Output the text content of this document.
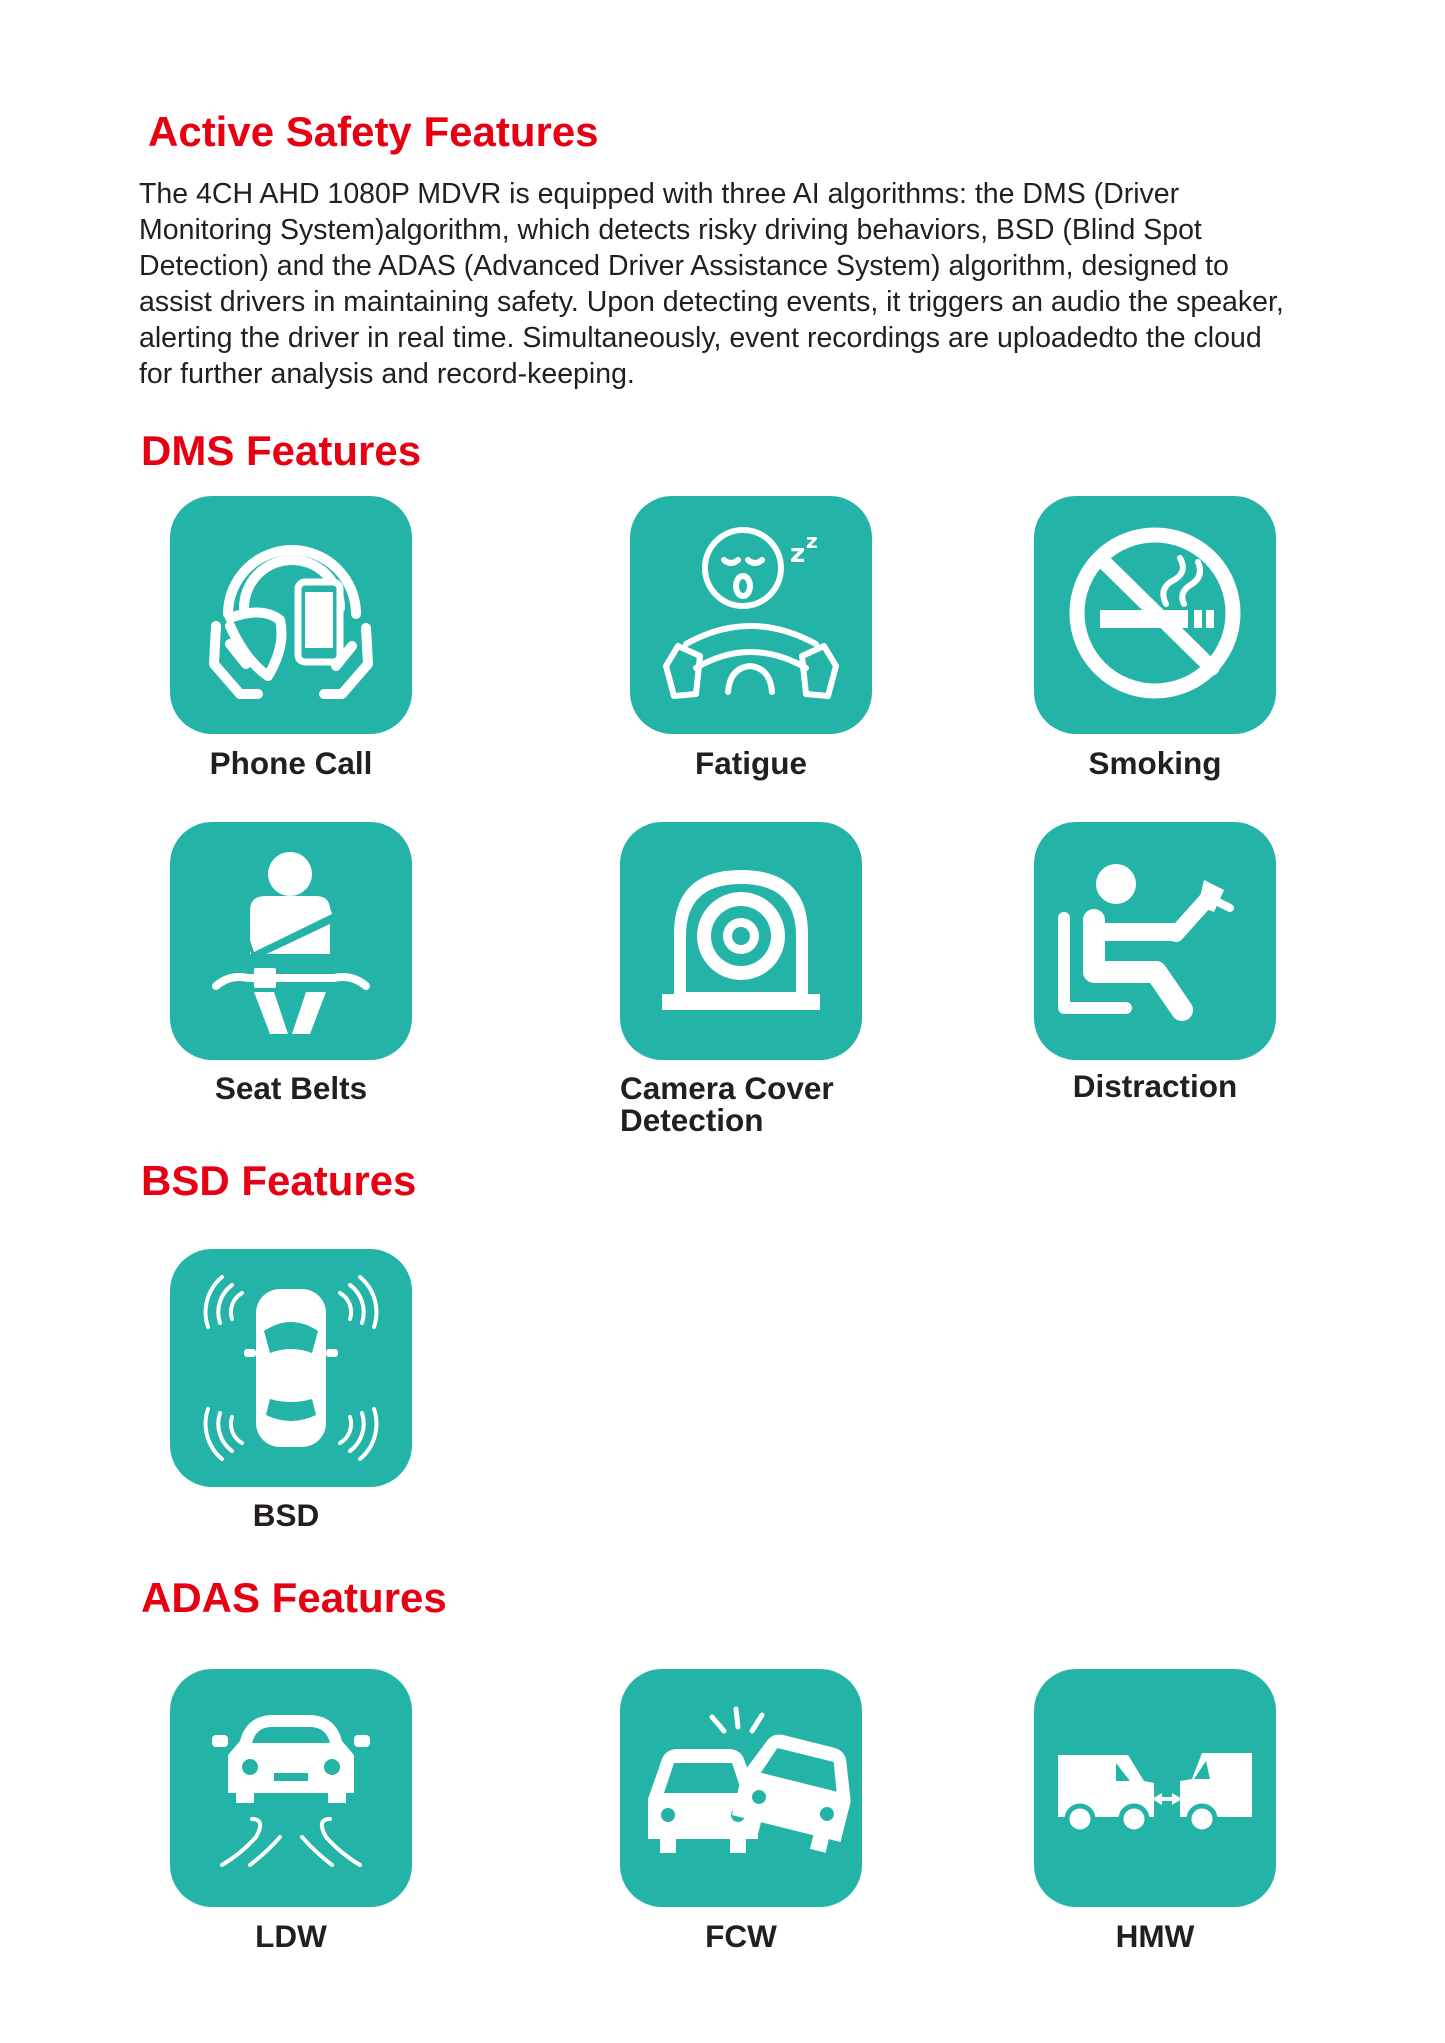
Active Safety Features
The 4CH AHD 1080P MDVR is equipped with three AI algorithms: the DMS (Driver
Monitoring System)algorithm, which detects risky driving behaviors, BSD (Blind Spot
Detection) and the ADAS (Advanced Driver Assistance System) algorithm, designed to
assist drivers in maintaining safety. Upon detecting events, it triggers an audio the speaker,
alerting the driver in real time. Simultaneously, event recordings are uploadedto the cloud
for further analysis and record-keeping.
DMS Features

Phone Call

z z

Fatigue	Smoking

Seat Belts	Camera Cover
Detection

Distraction

BSD Features

BSD

ADAS Features

LDW	FCW	HMW
